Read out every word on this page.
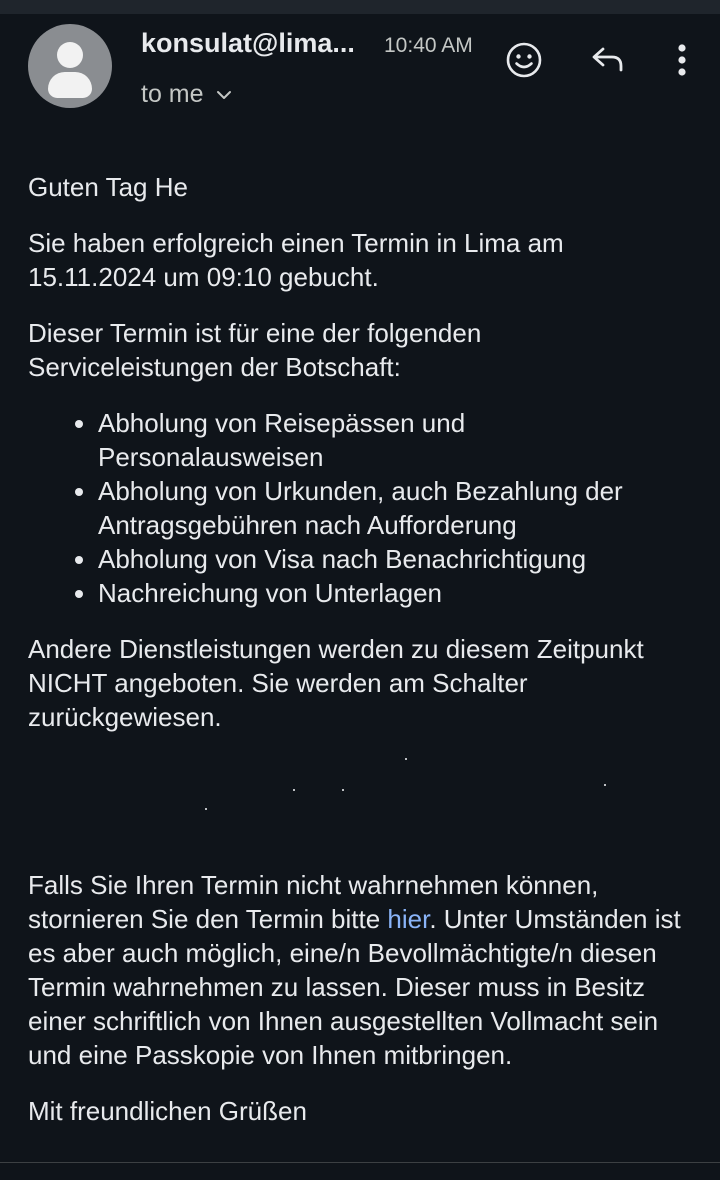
konsulat@lima... 10:40 AM
to me

Guten Tag He

Sie haben erfolgreich einen Termin in Lima am 15.11.2024 um 09:10 gebucht.

Dieser Termin ist für eine der folgenden Serviceleistungen der Botschaft:

• Abholung von Reisepässen und Personalausweisen
• Abholung von Urkunden, auch Bezahlung der Antragsgebühren nach Aufforderung
• Abholung von Visa nach Benachrichtigung
• Nachreichung von Unterlagen

Andere Dienstleistungen werden zu diesem Zeitpunkt NICHT angeboten. Sie werden am Schalter zurückgewiesen.

Falls Sie Ihren Termin nicht wahrnehmen können, stornieren Sie den Termin bitte hier. Unter Umständen ist es aber auch möglich, eine/n Bevollmächtigte/n diesen Termin wahrnehmen zu lassen. Dieser muss in Besitz einer schriftlich von Ihnen ausgestellten Vollmacht sein und eine Passkopie von Ihnen mitbringen.

Mit freundlichen Grüßen
